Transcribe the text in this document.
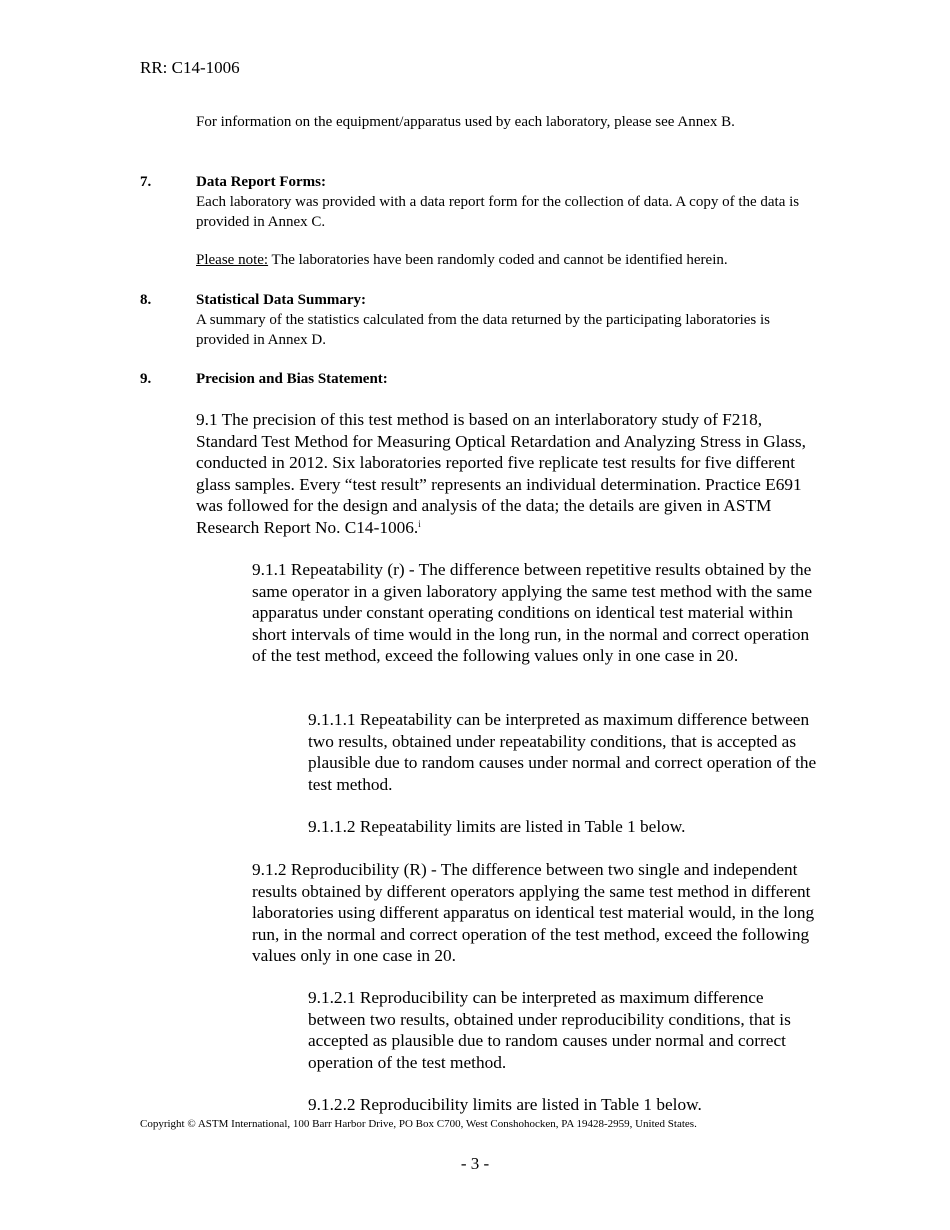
RR: C14-1006
For information on the equipment/apparatus used by each laboratory, please see Annex B.
7.	Data Report Forms:
Each laboratory was provided with a data report form for the collection of data. A copy of the data is provided in Annex C.
Please note: The laboratories have been randomly coded and cannot be identified herein.
8.	Statistical Data Summary:
A summary of the statistics calculated from the data returned by the participating laboratories is provided in Annex D.
9.	Precision and Bias Statement:
9.1 The precision of this test method is based on an interlaboratory study of F218, Standard Test Method for Measuring Optical Retardation and Analyzing Stress in Glass, conducted in 2012. Six laboratories reported five replicate test results for five different glass samples. Every “test result” represents an individual determination. Practice E691 was followed for the design and analysis of the data; the details are given in ASTM Research Report No. C14-1006.$^i$
9.1.1 Repeatability (r) - The difference between repetitive results obtained by the same operator in a given laboratory applying the same test method with the same apparatus under constant operating conditions on identical test material within short intervals of time would in the long run, in the normal and correct operation of the test method, exceed the following values only in one case in 20.
9.1.1.1 Repeatability can be interpreted as maximum difference between two results, obtained under repeatability conditions, that is accepted as plausible due to random causes under normal and correct operation of the test method.
9.1.1.2 Repeatability limits are listed in Table 1 below.
9.1.2 Reproducibility (R) - The difference between two single and independent results obtained by different operators applying the same test method in different laboratories using different apparatus on identical test material would, in the long run, in the normal and correct operation of the test method, exceed the following values only in one case in 20.
9.1.2.1 Reproducibility can be interpreted as maximum difference between two results, obtained under reproducibility conditions, that is accepted as plausible due to random causes under normal and correct operation of the test method.
9.1.2.2 Reproducibility limits are listed in Table 1 below.
Copyright © ASTM International, 100 Barr Harbor Drive, PO Box C700, West Conshohocken, PA 19428-2959, United States.
- 3 -
